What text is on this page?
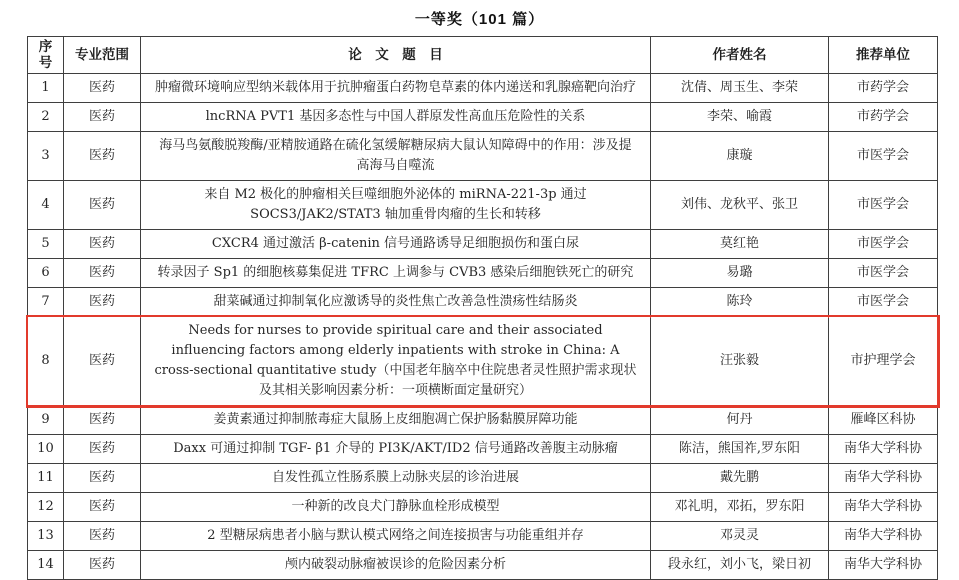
一等奖（101 篇）
序号	专业范围	论　文　题　目	作者姓名	推荐单位
1	医药	肿瘤微环境响应型纳米载体用于抗肿瘤蛋白药物皂草素的体内递送和乳腺癌靶向治疗	沈倩、周玉生、李荣	市药学会
2	医药	lncRNA PVT1 基因多态性与中国人群原发性高血压危险性的关系	李荣、喻霞	市药学会
3	医药	海马鸟氨酸脱羧酶/亚精胺通路在硫化氢缓解糖尿病大鼠认知障碍中的作用：涉及提高海马自噬流	康璇	市医学会
4	医药	来自 M2 极化的肿瘤相关巨噬细胞外泌体的 miRNA-221-3p 通过 SOCS3/JAK2/STAT3 轴加重骨肉瘤的生长和转移	刘伟、龙秋平、张卫	市医学会
5	医药	CXCR4 通过激活 β-catenin 信号通路诱导足细胞损伤和蛋白尿	莫红艳	市医学会
6	医药	转录因子 Sp1 的细胞核募集促进 TFRC 上调参与 CVB3 感染后细胞铁死亡的研究	易璐	市医学会
7	医药	甜菜碱通过抑制氧化应激诱导的炎性焦亡改善急性溃疡性结肠炎	陈玲	市医学会
8	医药	Needs for nurses to provide spiritual care and their associated influencing factors among elderly inpatients with stroke in China: A cross-sectional quantitative study（中国老年脑卒中住院患者灵性照护需求现状及其相关影响因素分析：一项横断面定量研究）	汪张毅	市护理学会
9	医药	姜黄素通过抑制脓毒症大鼠肠上皮细胞凋亡保护肠黏膜屏障功能	何丹	雁峰区科协
10	医药	Daxx 可通过抑制 TGF- β1 介导的 PI3K/AKT/ID2 信号通路改善腹主动脉瘤	陈洁，熊国祚,罗东阳	南华大学科协
11	医药	自发性孤立性肠系膜上动脉夹层的诊治进展	戴先鹏	南华大学科协
12	医药	一种新的改良犬门静脉血栓形成模型	邓礼明，邓拓，罗东阳	南华大学科协
13	医药	2 型糖尿病患者小脑与默认模式网络之间连接损害与功能重组并存	邓灵灵	南华大学科协
14	医药	颅内破裂动脉瘤被误诊的危险因素分析	段永红，刘小飞，梁日初	南华大学科协
